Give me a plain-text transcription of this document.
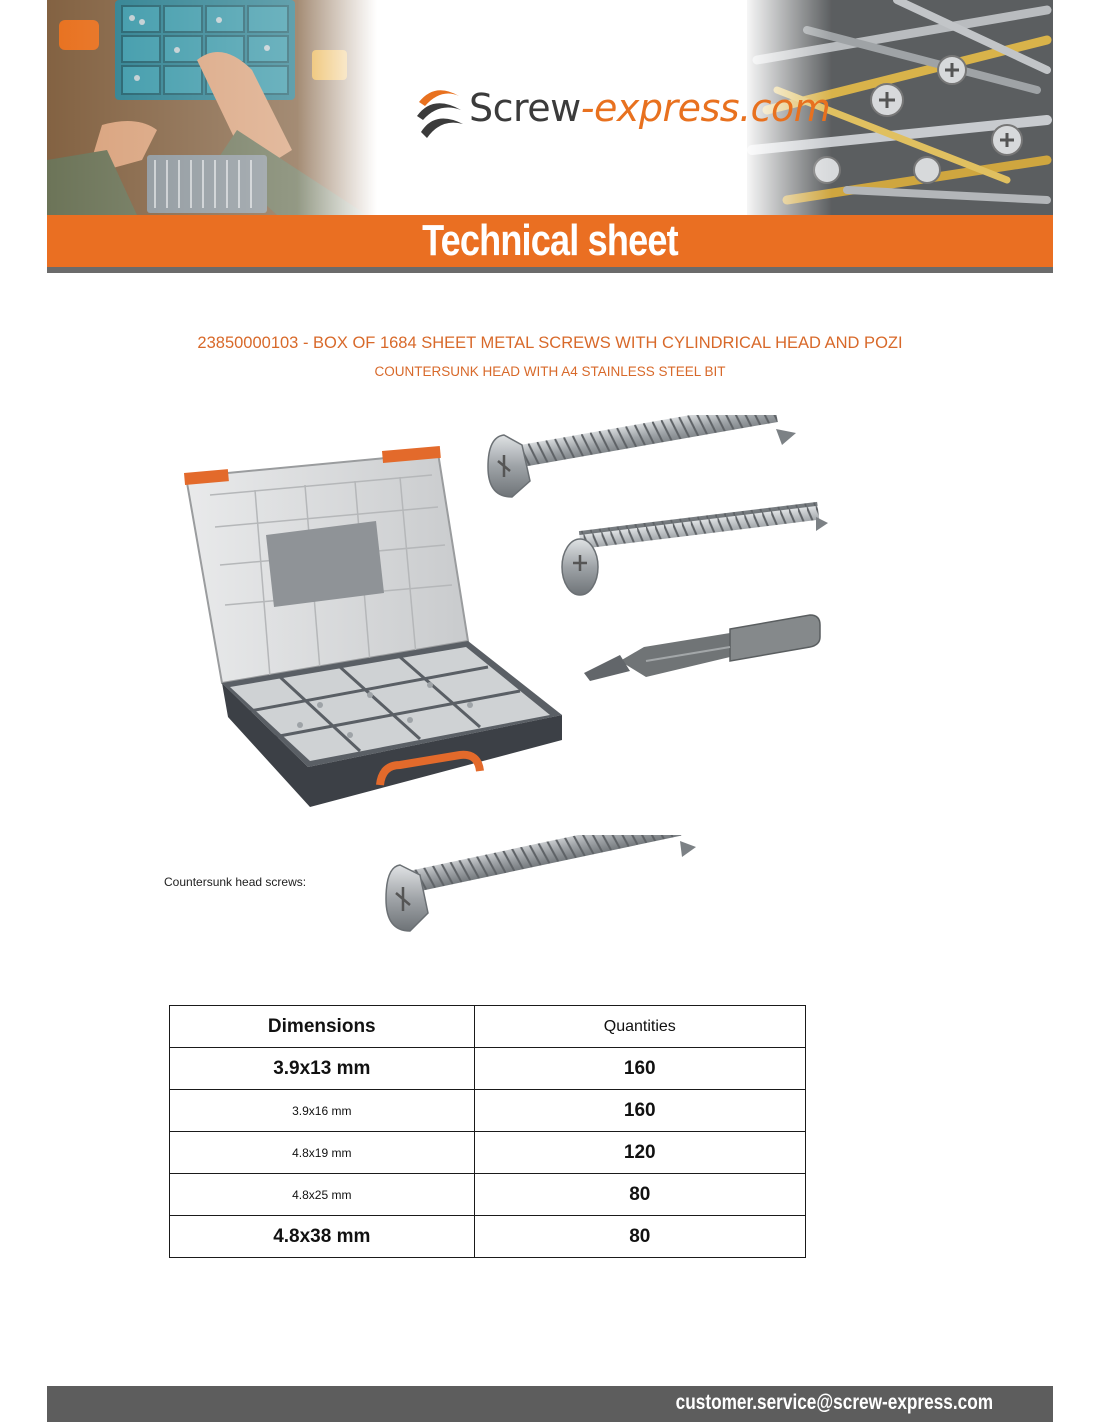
Screw-express.com
Technical sheet
23850000103 - BOX OF 1684 SHEET METAL SCREWS WITH CYLINDRICAL HEAD AND POZI
COUNTERSUNK HEAD WITH A4 STAINLESS STEEL BIT
Countersunk head screws:
Dimensions	Quantities
3.9x13 mm	160
3.9x16 mm	160
4.8x19 mm	120
4.8x25 mm	80
4.8x38 mm	80
customer.service@screw-express.com
